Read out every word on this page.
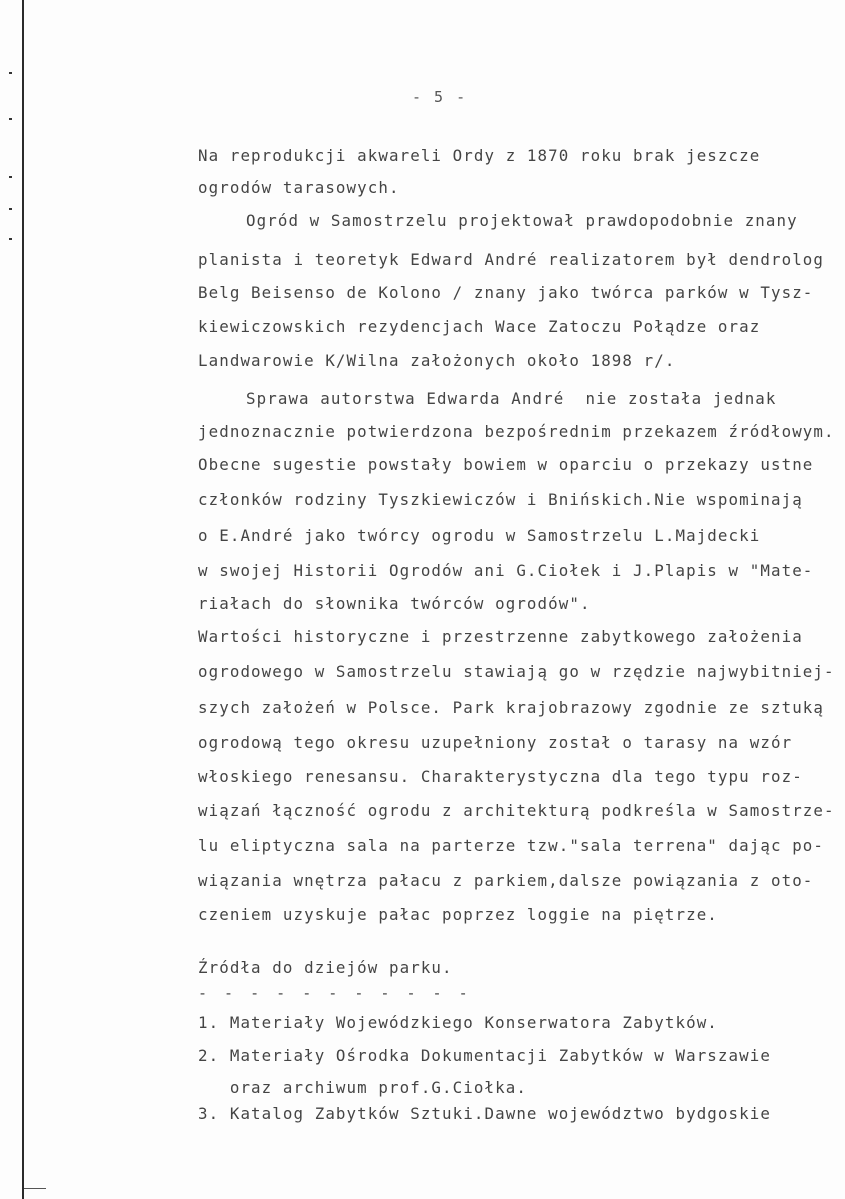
- 5 -
Na reprodukcji akwareli Ordy z 1870 roku brak jeszcze
ogrodów tarasowych.
Ogród w Samostrzelu projektował prawdopodobnie znany
planista i teoretyk Edward André realizatorem był dendrolog
Belg Beisenso de Kolono / znany jako twórca parków w Tysz-
kiewiczowskich rezydencjach Wace Zatoczu Połądze oraz
Landwarowie K/Wilna założonych około 1898 r/.
Sprawa autorstwa Edwarda André  nie została jednak
jednoznacznie potwierdzona bezpośrednim przekazem źródłowym.
Obecne sugestie powstały bowiem w oparciu o przekazy ustne
członków rodziny Tyszkiewiczów i Bnińskich.Nie wspominają
o E.André jako twórcy ogrodu w Samostrzelu L.Majdecki
w swojej Historii Ogrodów ani G.Ciołek i J.Plapis w "Mate-
riałach do słownika twórców ogrodów".
Wartości historyczne i przestrzenne zabytkowego założenia
ogrodowego w Samostrzelu stawiają go w rzędzie najwybitniej-
szych założeń w Polsce. Park krajobrazowy zgodnie ze sztuką
ogrodową tego okresu uzupełniony został o tarasy na wzór
włoskiego renesansu. Charakterystyczna dla tego typu roz-
wiązań łączność ogrodu z architekturą podkreśla w Samostrze-
lu eliptyczna sala na parterze tzw."sala terrena" dając po-
wiązania wnętrza pałacu z parkiem,dalsze powiązania z oto-
czeniem uzyskuje pałac poprzez loggie na piętrze.
Źródła do dziejów parku.
- - - - - - - - - - -
1. Materiały Wojewódzkiego Konserwatora Zabytków.
2. Materiały Ośrodka Dokumentacji Zabytków w Warszawie
oraz archiwum prof.G.Ciołka.
3. Katalog Zabytków Sztuki.Dawne województwo bydgoskie
